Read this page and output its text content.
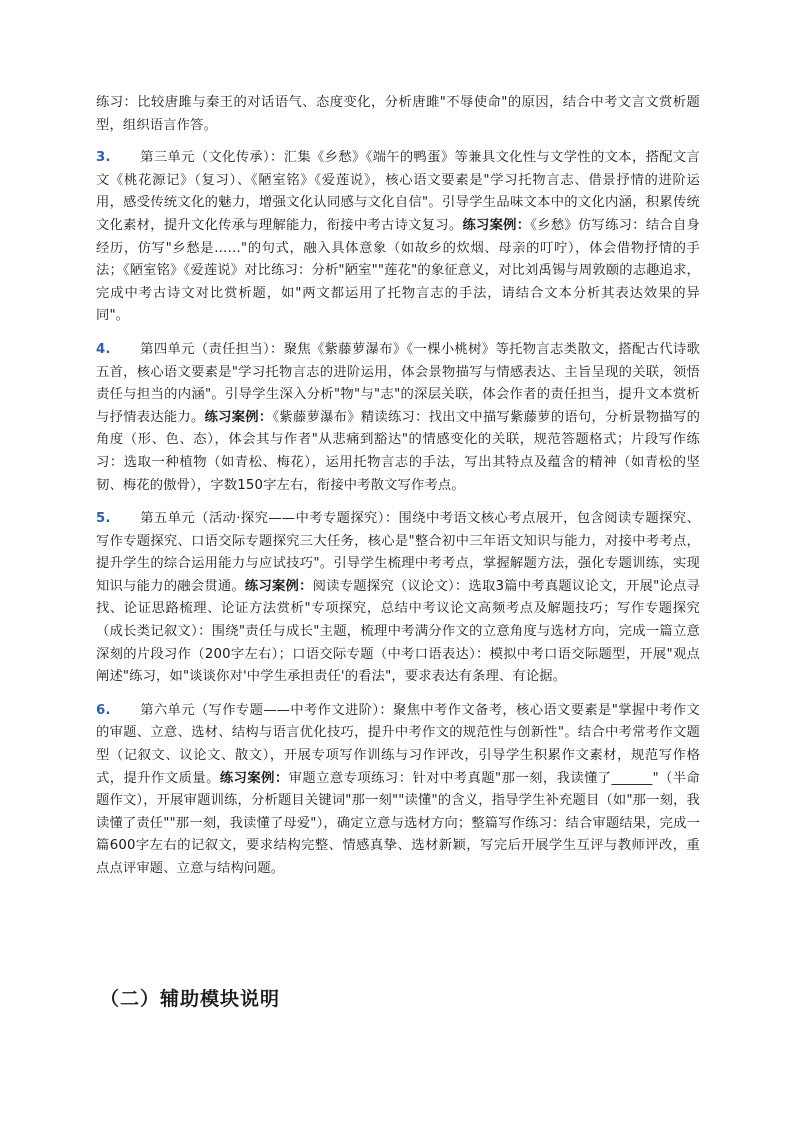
练习：比较唐雎与秦王的对话语气、态度变化，分析唐雎"不辱使命"的原因，结合中考文言文赏析题型，组织语言作答。

3. 第三单元（文化传承）：汇集《乡愁》《端午的鸭蛋》等兼具文化性与文学性的文本，搭配文言文《桃花源记》（复习）、《陋室铭》《爱莲说》，核心语文要素是"学习托物言志、借景抒情的进阶运用，感受传统文化的魅力，增强文化认同感与文化自信"。引导学生品味文本中的文化内涵，积累传统文化素材，提升文化传承与理解能力，衔接中考古诗文复习。练习案例：《乡愁》仿写练习：结合自身经历，仿写"乡愁是……"的句式，融入具体意象（如故乡的炊烟、母亲的叮咛），体会借物抒情的手法；《陋室铭》《爱莲说》对比练习：分析"陋室""莲花"的象征意义，对比刘禹锡与周敦颐的志趣追求，完成中考古诗文对比赏析题，如"两文都运用了托物言志的手法，请结合文本分析其表达效果的异同"。

4. 第四单元（责任担当）：聚焦《紫藤萝瀑布》《一棵小桃树》等托物言志类散文，搭配古代诗歌五首，核心语文要素是"学习托物言志的进阶运用，体会景物描写与情感表达、主旨呈现的关联，领悟责任与担当的内涵"。引导学生深入分析"物"与"志"的深层关联，体会作者的责任担当，提升文本赏析与抒情表达能力。练习案例：《紫藤萝瀑布》精读练习：找出文中描写紫藤萝的语句，分析景物描写的角度（形、色、态），体会其与作者"从悲痛到豁达"的情感变化的关联，规范答题格式；片段写作练习：选取一种植物（如青松、梅花），运用托物言志的手法，写出其特点及蕴含的精神（如青松的坚韧、梅花的傲骨），字数150字左右，衔接中考散文写作考点。

5. 第五单元（活动·探究——中考专题探究）：围绕中考语文核心考点展开，包含阅读专题探究、写作专题探究、口语交际专题探究三大任务，核心是"整合初中三年语文知识与能力，对接中考考点，提升学生的综合运用能力与应试技巧"。引导学生梳理中考考点，掌握解题方法，强化专题训练，实现知识与能力的融会贯通。练习案例：阅读专题探究（议论文）：选取3篇中考真题议论文，开展"论点寻找、论证思路梳理、论证方法赏析"专项探究，总结中考议论文高频考点及解题技巧；写作专题探究（成长类记叙文）：围绕"责任与成长"主题，梳理中考满分作文的立意角度与选材方向，完成一篇立意深刻的片段习作（200字左右）；口语交际专题（中考口语表达）：模拟中考口语交际题型，开展"观点阐述"练习，如"谈谈你对'中学生承担责任'的看法"，要求表达有条理、有论据。

6. 第六单元（写作专题——中考作文进阶）：聚焦中考作文备考，核心语文要素是"掌握中考作文的审题、立意、选材、结构与语言优化技巧，提升中考作文的规范性与创新性"。结合中考常考作文题型（记叙文、议论文、散文），开展专项写作训练与习作评改，引导学生积累作文素材，规范写作格式，提升作文质量。练习案例：审题立意专项练习：针对中考真题"那一刻，我读懂了______"（半命题作文），开展审题训练，分析题目关键词"那一刻""读懂"的含义，指导学生补充题目（如"那一刻，我读懂了责任""那一刻，我读懂了母爱"），确定立意与选材方向；整篇写作练习：结合审题结果，完成一篇600字左右的记叙文，要求结构完整、情感真挚、选材新颖，写完后开展学生互评与教师评改，重点点评审题、立意与结构问题。

（二）辅助模块说明
